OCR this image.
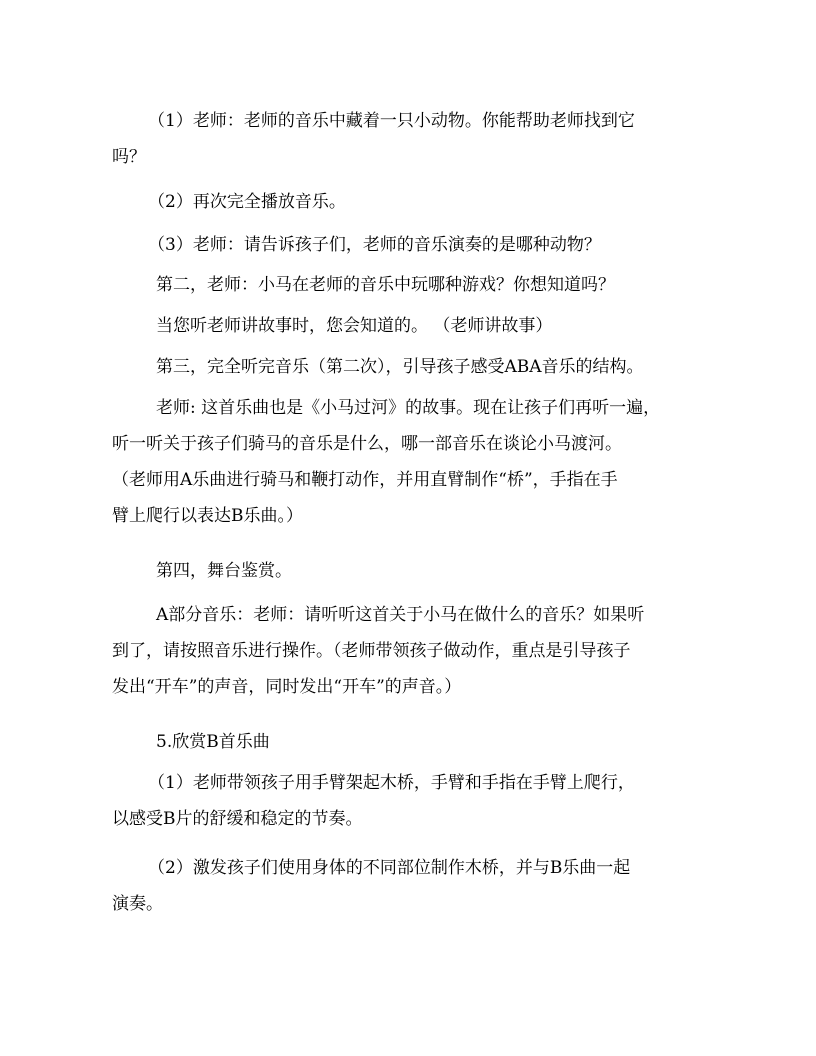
（1）老师：老师的音乐中藏着一只小动物。你能帮助老师找到它
吗？
（2）再次完全播放音乐。
（3）老师：请告诉孩子们，老师的音乐演奏的是哪种动物？
第二，老师：小马在老师的音乐中玩哪种游戏？你想知道吗？
当您听老师讲故事时，您会知道的。 （老师讲故事）
第三，完全听完音乐（第二次），引导孩子感受ABA音乐的结构。
老师: 这首乐曲也是《小马过河》的故事。现在让孩子们再听一遍，
听一听关于孩子们骑马的音乐是什么，哪一部音乐在谈论小马渡河。
（老师用A乐曲进行骑马和鞭打动作，并用直臂制作“桥”，手指在手
臂上爬行以表达B乐曲。）
第四，舞台鉴赏。
A部分音乐：老师：请听听这首关于小马在做什么的音乐？如果听
到了，请按照音乐进行操作。（老师带领孩子做动作，重点是引导孩子
发出“开车”的声音，同时发出“开车”的声音。）
5.欣赏B首乐曲
（1）老师带领孩子用手臂架起木桥，手臂和手指在手臂上爬行，
以感受B片的舒缓和稳定的节奏。
（2）激发孩子们使用身体的不同部位制作木桥，并与B乐曲一起
演奏。
